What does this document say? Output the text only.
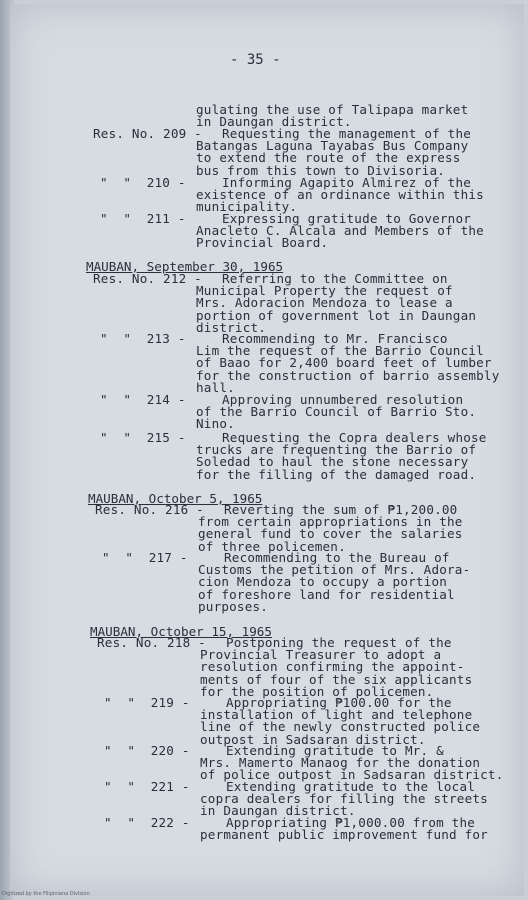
- 35 -
gulating the use of Talipapa market
in Daungan district.
Res. No. 209 - Requesting the management of the
Batangas Laguna Tayabas Bus Company
to extend the route of the express
bus from this town to Divisoria.
"  "  210 -	Informing Agapito Almirez of the
existence of an ordinance within this
municipality.
"  "  211 -	Expressing gratitude to Governor
Anacleto C. Alcala and Members of the
Provincial Board.
MAUBAN, September 30, 1965
Res. No. 212 - Referring to the Committee on
Municipal Property the request of
Mrs. Adoracion Mendoza to lease a
portion of government lot in Daungan
district.
"  "  213 -	Recommending to Mr. Francisco
Lim the request of the Barrio Council
of Baao for 2,400 board feet of lumber
for the construction of barrio assembly
hall.
"  "  214 -	Approving unnumbered resolution
of the Barrio Council of Barrio Sto.
Nino.
"  "  215 -	Requesting the Copra dealers whose
trucks are frequenting the Barrio of
Soledad to haul the stone necessary
for the filling of the damaged road.
MAUBAN, October 5, 1965
Res. No. 216 - Reverting the sum of ₱1,200.00
from certain appropriations in the
general fund to cover the salaries
of three policemen.
"  "  217 -	Recommending to the Bureau of
Customs the petition of Mrs. Adora-
cion Mendoza to occupy a portion
of foreshore land for residential
purposes.
MAUBAN, October 15, 1965
Res. No. 218 - Postponing the request of the
Provincial Treasurer to adopt a
resolution confirming the appoint-
ments of four of the six applicants
for the position of policemen.
"  "  219 -	Appropriating ₱100.00 for the
installation of light and telephone
line of the newly constructed police
outpost in Sadsaran district.
"  "  220 -	Extending gratitude to Mr. &
Mrs. Mamerto Manaog for the donation
of police outpost in Sadsaran district.
"  "  221 -	Extending gratitude to the local
copra dealers for filling the streets
in Daungan district.
"  "  222 -	Appropriating ₱1,000.00 from the
permanent public improvement fund for
Digitized by the Filipiniana Division
